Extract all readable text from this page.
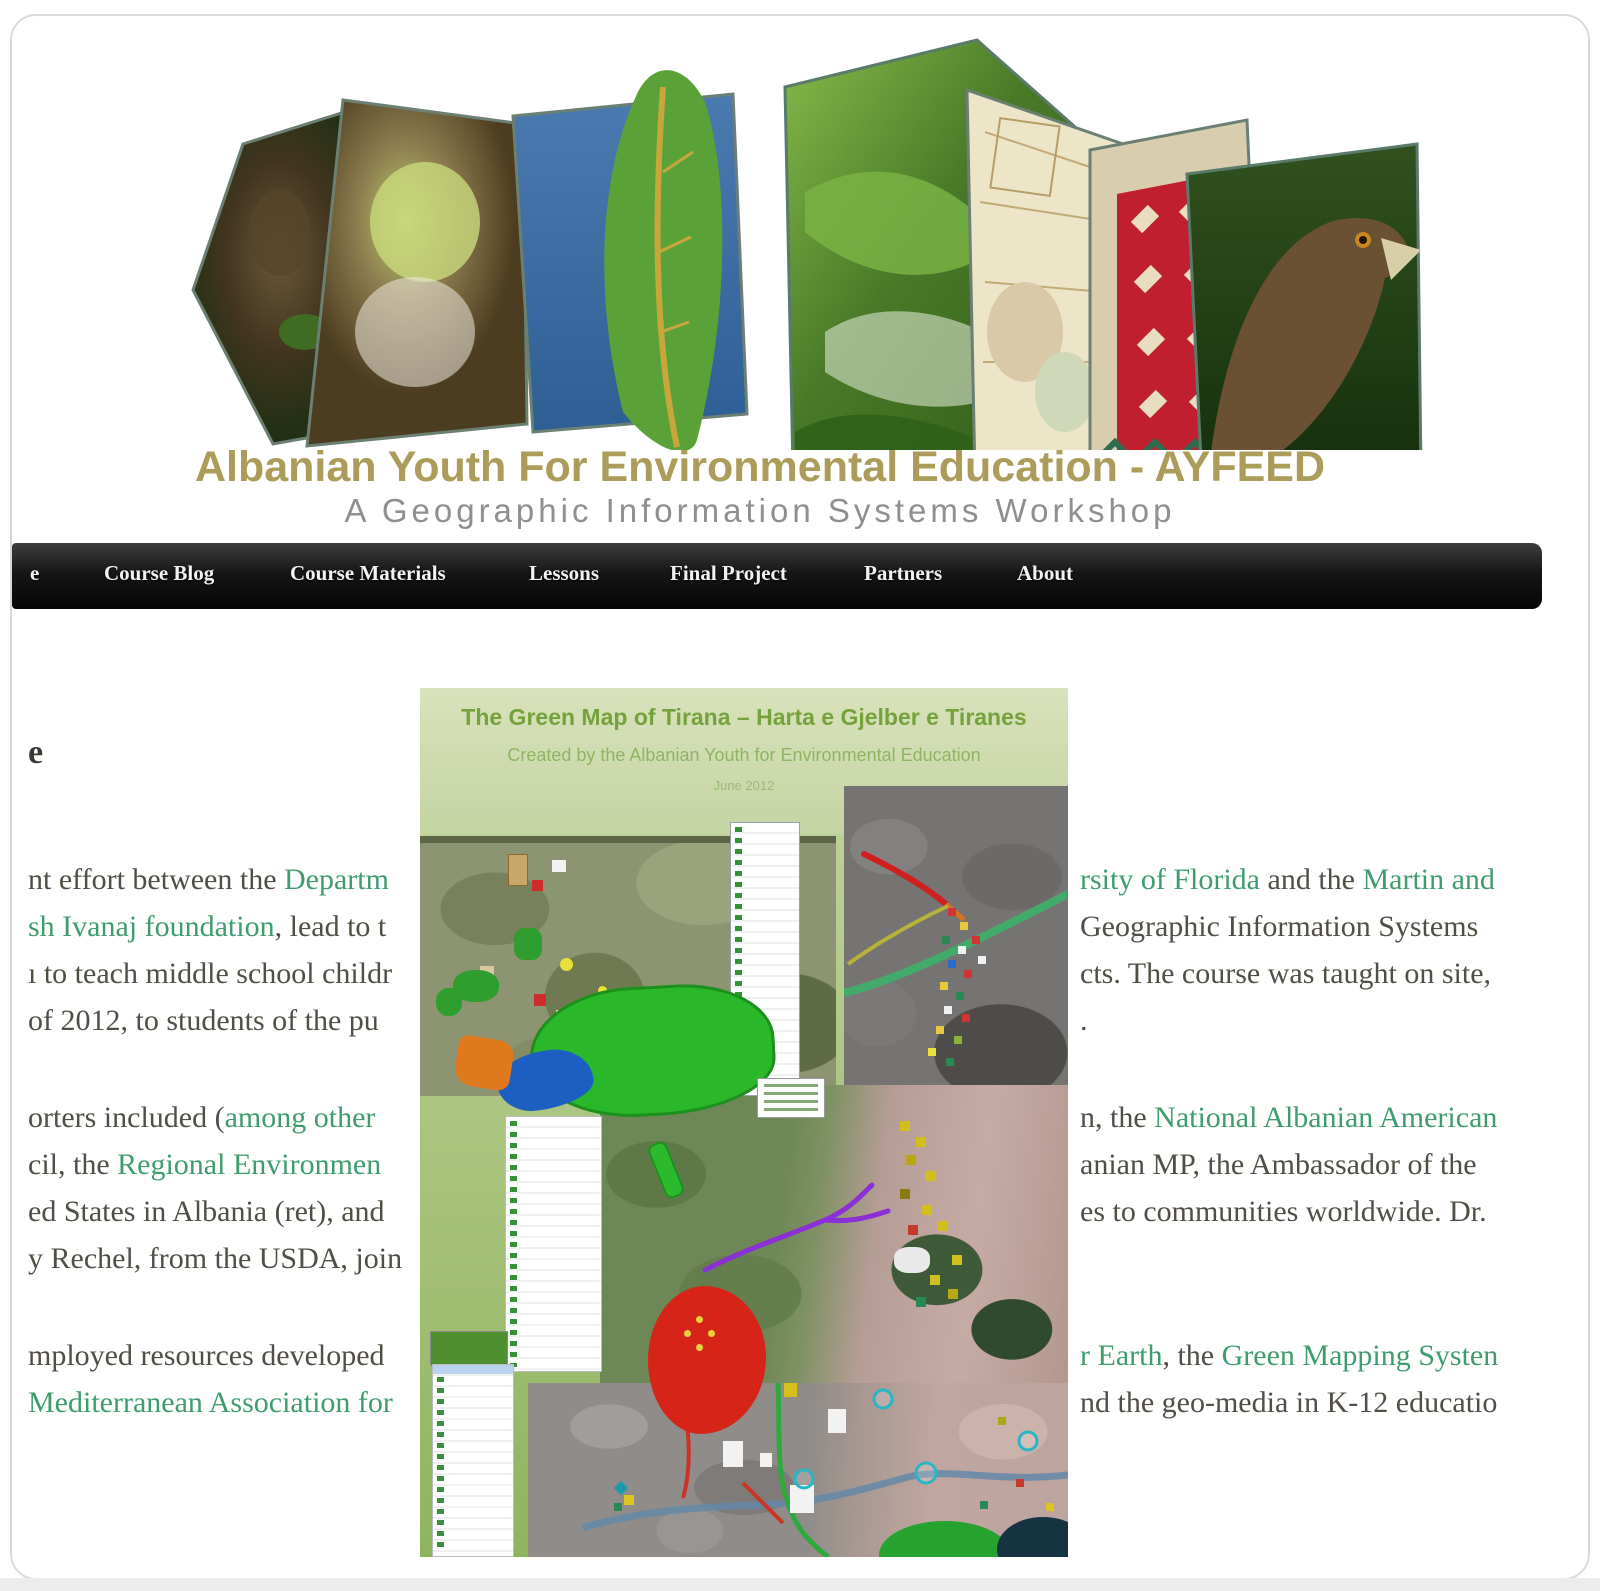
Albanian Youth For Environmental Education - AYFEED
A Geographic Information Systems Workshop
e	Course Blog	Course Materials	Lessons	Final Project	Partners	About
e
nt effort between the Departm	rsity of Florida and the Martin and
sh Ivanaj foundation, lead to t	Geographic Information Systems
ı to teach middle school childr	cts. The course was taught on site,
of 2012, to students of the pu	.
orters included (among other	n, the National Albanian American
cil, the Regional Environmen	anian MP, the Ambassador of the
ed States in Albania (ret), and	es to communities worldwide. Dr.
y Rechel, from the USDA, join
mployed resources developed	r Earth, the Green Mapping Systen
Mediterranean Association for	nd the geo-media in K-12 educatio
The Green Map of Tirana – Harta e Gjelber e Tiranes
Created by the Albanian Youth for Environmental Education
June 2012
